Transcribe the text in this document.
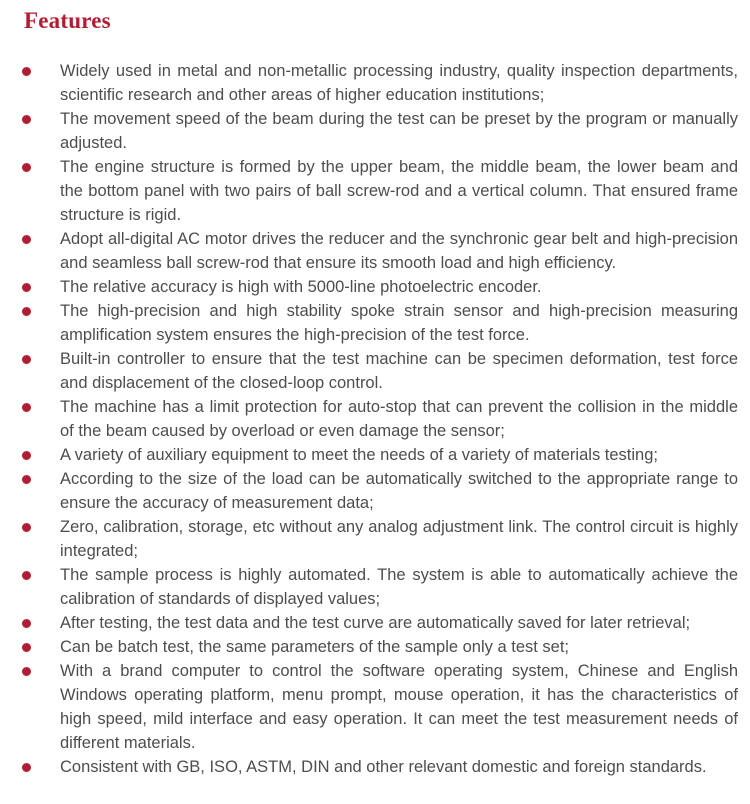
Features

Widely used in metal and non-metallic processing industry, quality inspection departments, scientific research and other areas of higher education institutions;

The movement speed of the beam during the test can be preset by the program or manually adjusted.

The engine structure is formed by the upper beam, the middle beam, the lower beam and the bottom panel with two pairs of ball screw-rod and a vertical column. That ensured frame structure is rigid.

Adopt all-digital AC motor drives the reducer and the synchronic gear belt and high-precision and seamless ball screw-rod that ensure its smooth load and high efficiency.

The relative accuracy is high with 5000-line photoelectric encoder.

The high-precision and high stability spoke strain sensor and high-precision measuring amplification system ensures the high-precision of the test force.

Built-in controller to ensure that the test machine can be specimen deformation, test force and displacement of the closed-loop control.

The machine has a limit protection for auto-stop that can prevent the collision in the middle of the beam caused by overload or even damage the sensor;

A variety of auxiliary equipment to meet the needs of a variety of materials testing;

According to the size of the load can be automatically switched to the appropriate range to ensure the accuracy of measurement data;

Zero, calibration, storage, etc without any analog adjustment link. The control circuit is highly integrated;

The sample process is highly automated. The system is able to automatically achieve the calibration of standards of displayed values;

After testing, the test data and the test curve are automatically saved for later retrieval;

Can be batch test, the same parameters of the sample only a test set;

With a brand computer to control the software operating system, Chinese and English Windows operating platform, menu prompt, mouse operation, it has the characteristics of high speed, mild interface and easy operation. It can meet the test measurement needs of different materials.

Consistent with GB, ISO, ASTM, DIN and other relevant domestic and foreign standards.
